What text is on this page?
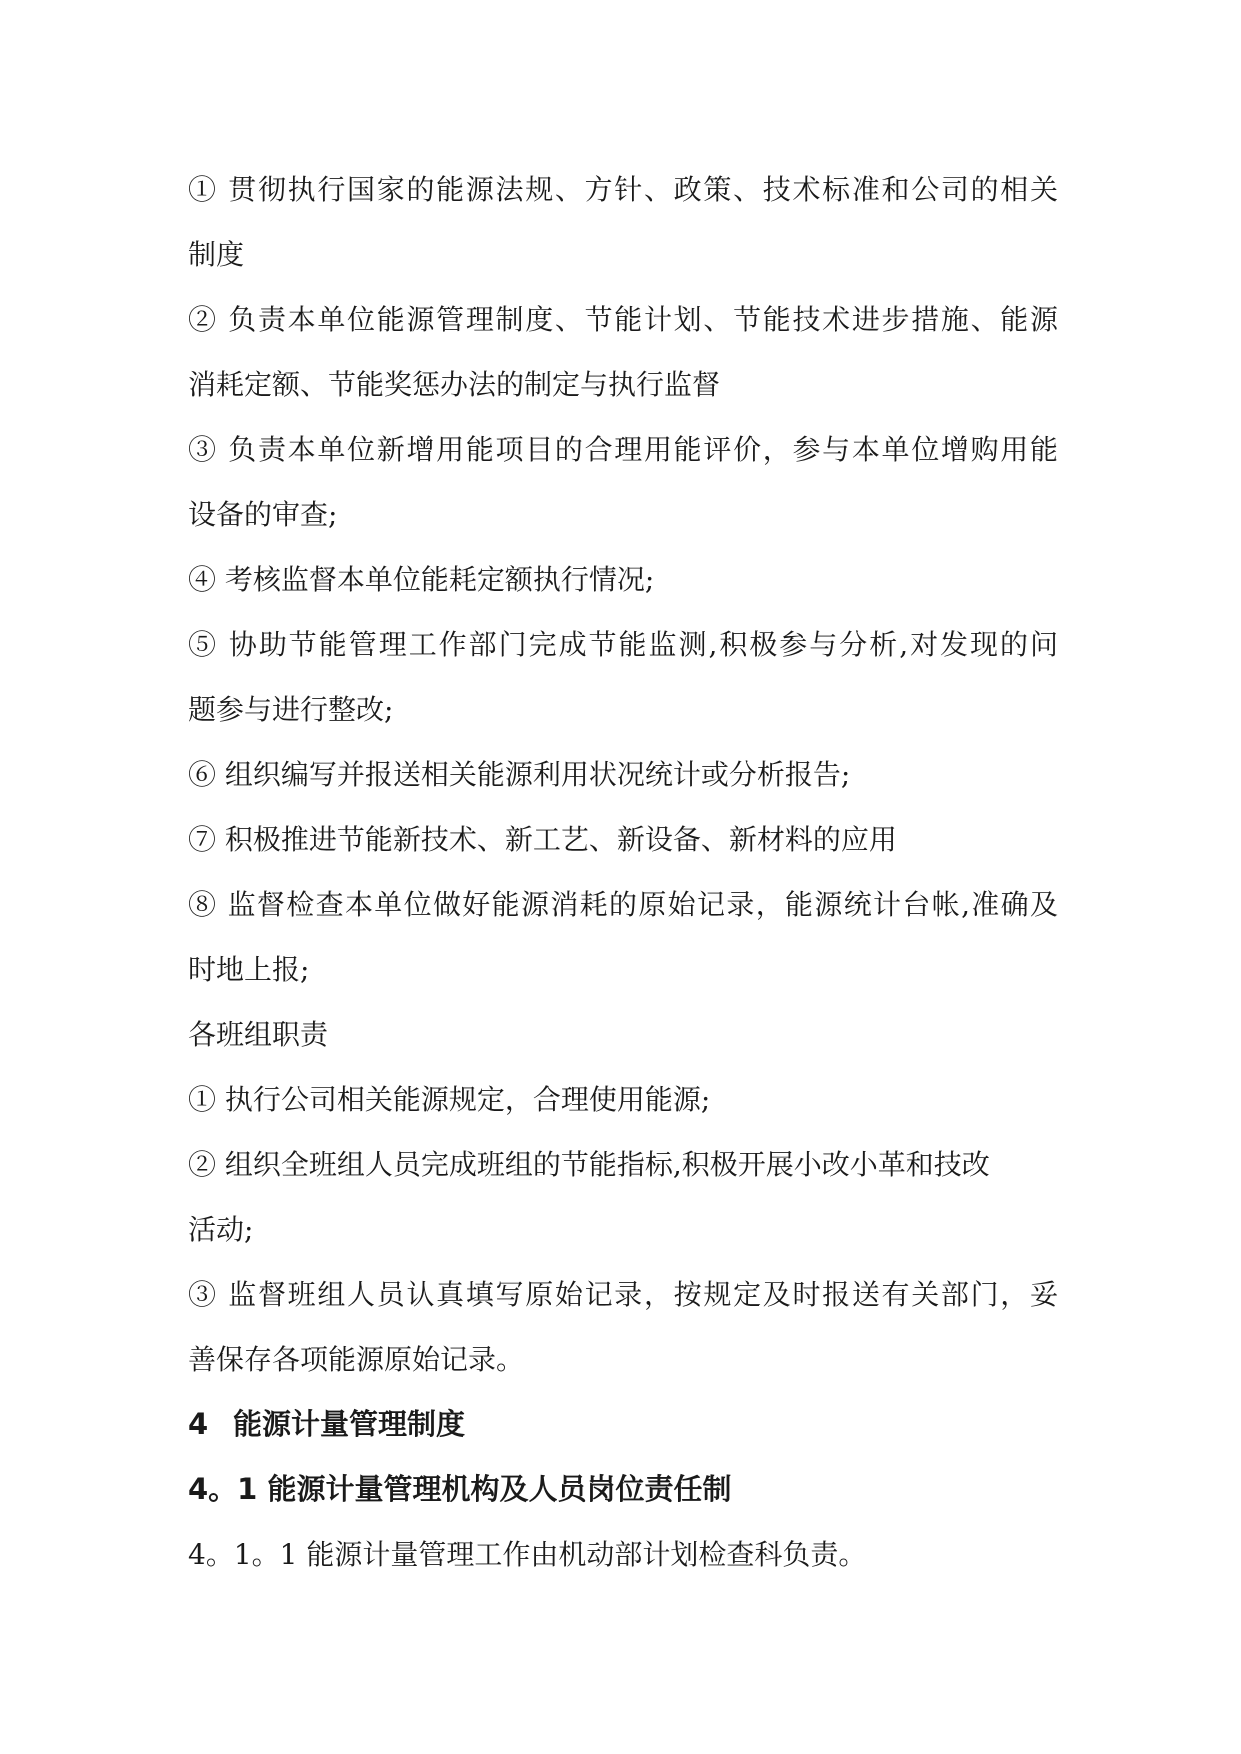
① 贯彻执行国家的能源法规、方针、政策、技术标准和公司的相关
制度
② 负责本单位能源管理制度、节能计划、节能技术进步措施、能源
消耗定额、节能奖惩办法的制定与执行监督
③ 负责本单位新增用能项目的合理用能评价，参与本单位增购用能
设备的审查;
④ 考核监督本单位能耗定额执行情况;
⑤ 协助节能管理工作部门完成节能监测,积极参与分析,对发现的问
题参与进行整改;
⑥ 组织编写并报送相关能源利用状况统计或分析报告;
⑦ 积极推进节能新技术、新工艺、新设备、新材料的应用
⑧ 监督检查本单位做好能源消耗的原始记录，能源统计台帐,准确及
时地上报;
各班组职责
① 执行公司相关能源规定，合理使用能源;
② 组织全班组人员完成班组的节能指标,积极开展小改小革和技改
活动;
③ 监督班组人员认真填写原始记录，按规定及时报送有关部门，妥
善保存各项能源原始记录。
4 能源计量管理制度
4。1 能源计量管理机构及人员岗位责任制
4。1。1 能源计量管理工作由机动部计划检查科负责。
